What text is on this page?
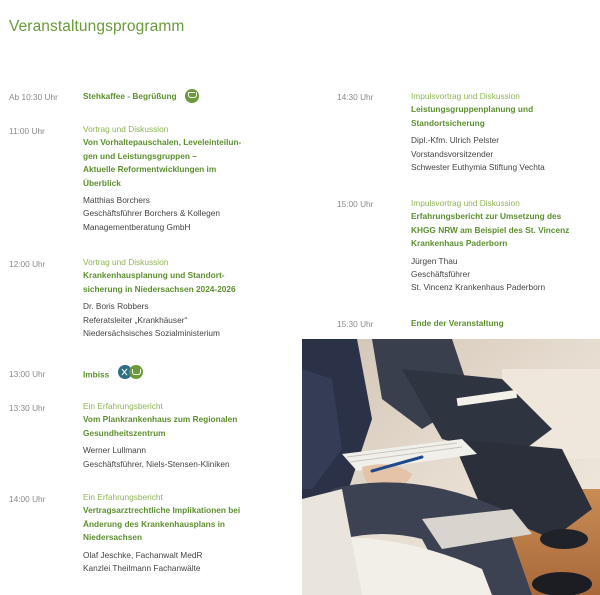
Veranstaltungsprogramm
Ab 10:30 Uhr	Stehkaffee - Begrüßung
11:00 Uhr	Vortrag und Diskussion
Von Vorhaltepauschalen, Leveleinteilun-
gen und Leistungsgruppen –
Aktuelle Reformentwicklungen im
Überblick
Matthias Borchers
Geschäftsführer Borchers & Kollegen
Managementberatung GmbH
12:00 Uhr	Vortrag und Diskussion
Krankenhausplanung und Standort-
sicherung in Niedersachsen 2024-2026
Dr. Boris Robbers
Referatsleiter „Krankhäuser“
Niedersächsisches Sozialministerium
13:00 Uhr	Imbiss
13:30 Uhr	Ein Erfahrungsbericht
Vom Plankrankenhaus zum Regionalen
Gesundheitszentrum
Werner Lullmann
Geschäftsführer, Niels-Stensen-Kliniken
14:00 Uhr	Ein Erfahrungsbericht
Vertragsarztrechtliche Implikationen bei
Änderung des Krankenhausplans in
Niedersachsen
Olaf Jeschke, Fachanwalt MedR
Kanzlei Theilmann Fachanwälte
14:30 Uhr	Impulsvortrag und Diskussion
Leistungsgruppenplanung und
Standortsicherung
Dipl.-Kfm. Ulrich Pelster
Vorstandsvorsitzender
Schwester Euthymia Stiftung Vechta
15:00 Uhr	Impulsvortrag und Diskussion
Erfahrungsbericht zur Umsetzung des
KHGG NRW am Beispiel des St. Vincenz
Krankenhaus Paderborn
Jürgen Thau
Geschäftsführer
St. Vincenz Krankenhaus Paderborn
15:30 Uhr	Ende der Veranstaltung
